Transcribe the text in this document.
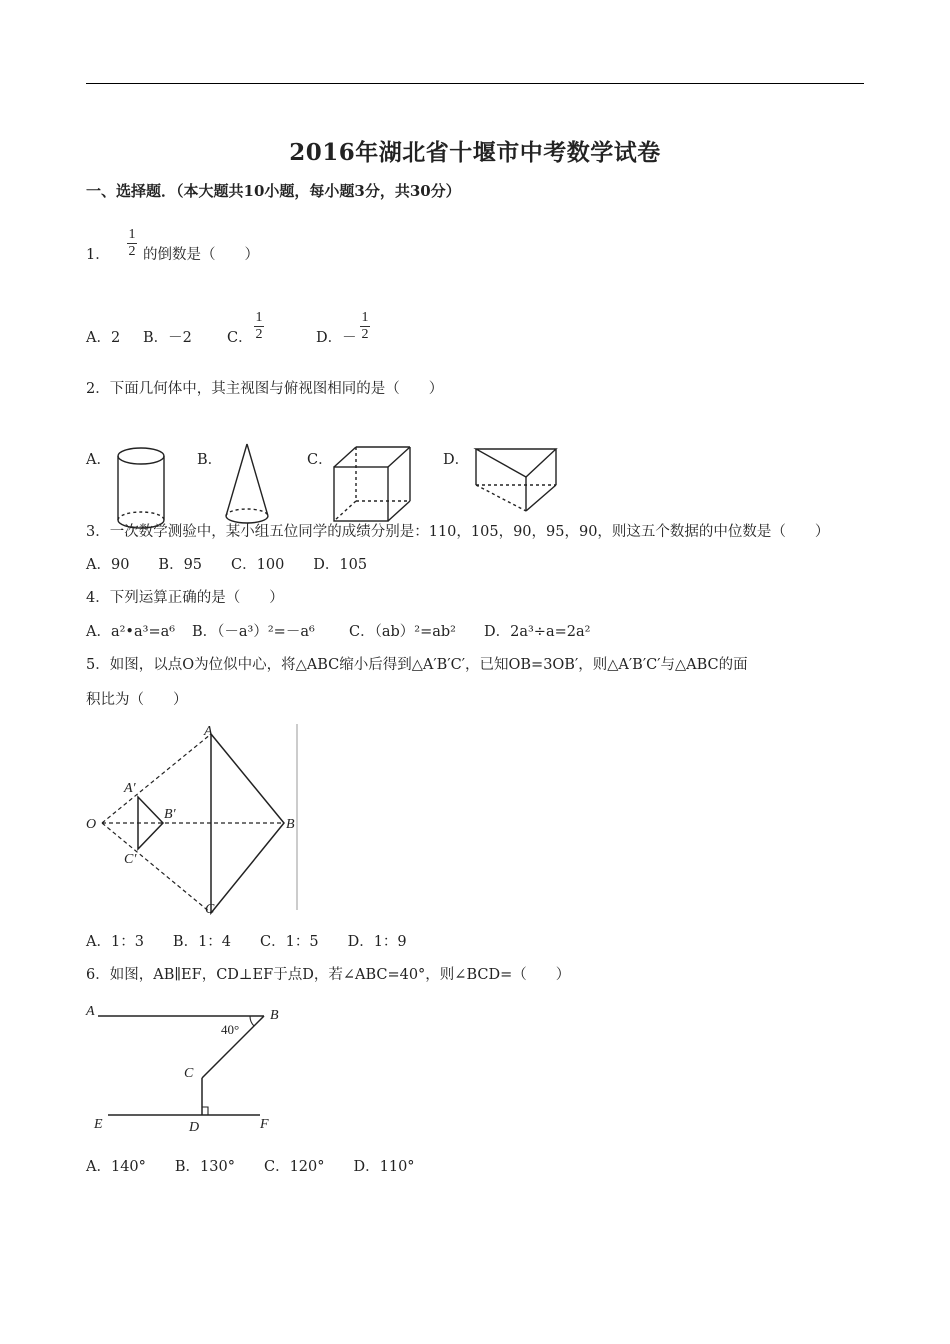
2016年湖北省十堰市中考数学试卷
一、选择题．（本大题共10小题，每小题3分，共30分）
1．
1
2 的倒数是（　　）
A．2 B．－2 C．
1
2	D．－
1
2
2．下面几何体中，其主视图与俯视图相同的是（　　）
A．	B．	C．	D．
3．一次数学测验中，某小组五位同学的成绩分别是：110，105，90，95，90，则这五个数据的中位数是（　　）
A．90　　B．95　　C．100　　D．105
4．下列运算正确的是（　　）
A．a²•a³=a⁶ B．（－a³）²=－a⁶ C．（ab）²=ab² D．2a³÷a=2a²
5．如图，以点O为位似中心，将△ABC缩小后得到△A′B′C′，已知OB=3OB′，则△A′B′C′与△ABC的面
积比为（　　）
A
B
C
O
A′
B′
C′
A．1：3　　B．1：4　　C．1：5　　D．1：9
6．如图，AB∥EF，CD⊥EF于点D，若∠ABC=40°，则∠BCD=（　　）
A	B
C
D
E	F
40°
A．140°　　B．130°　　C．120°　　D．110°
